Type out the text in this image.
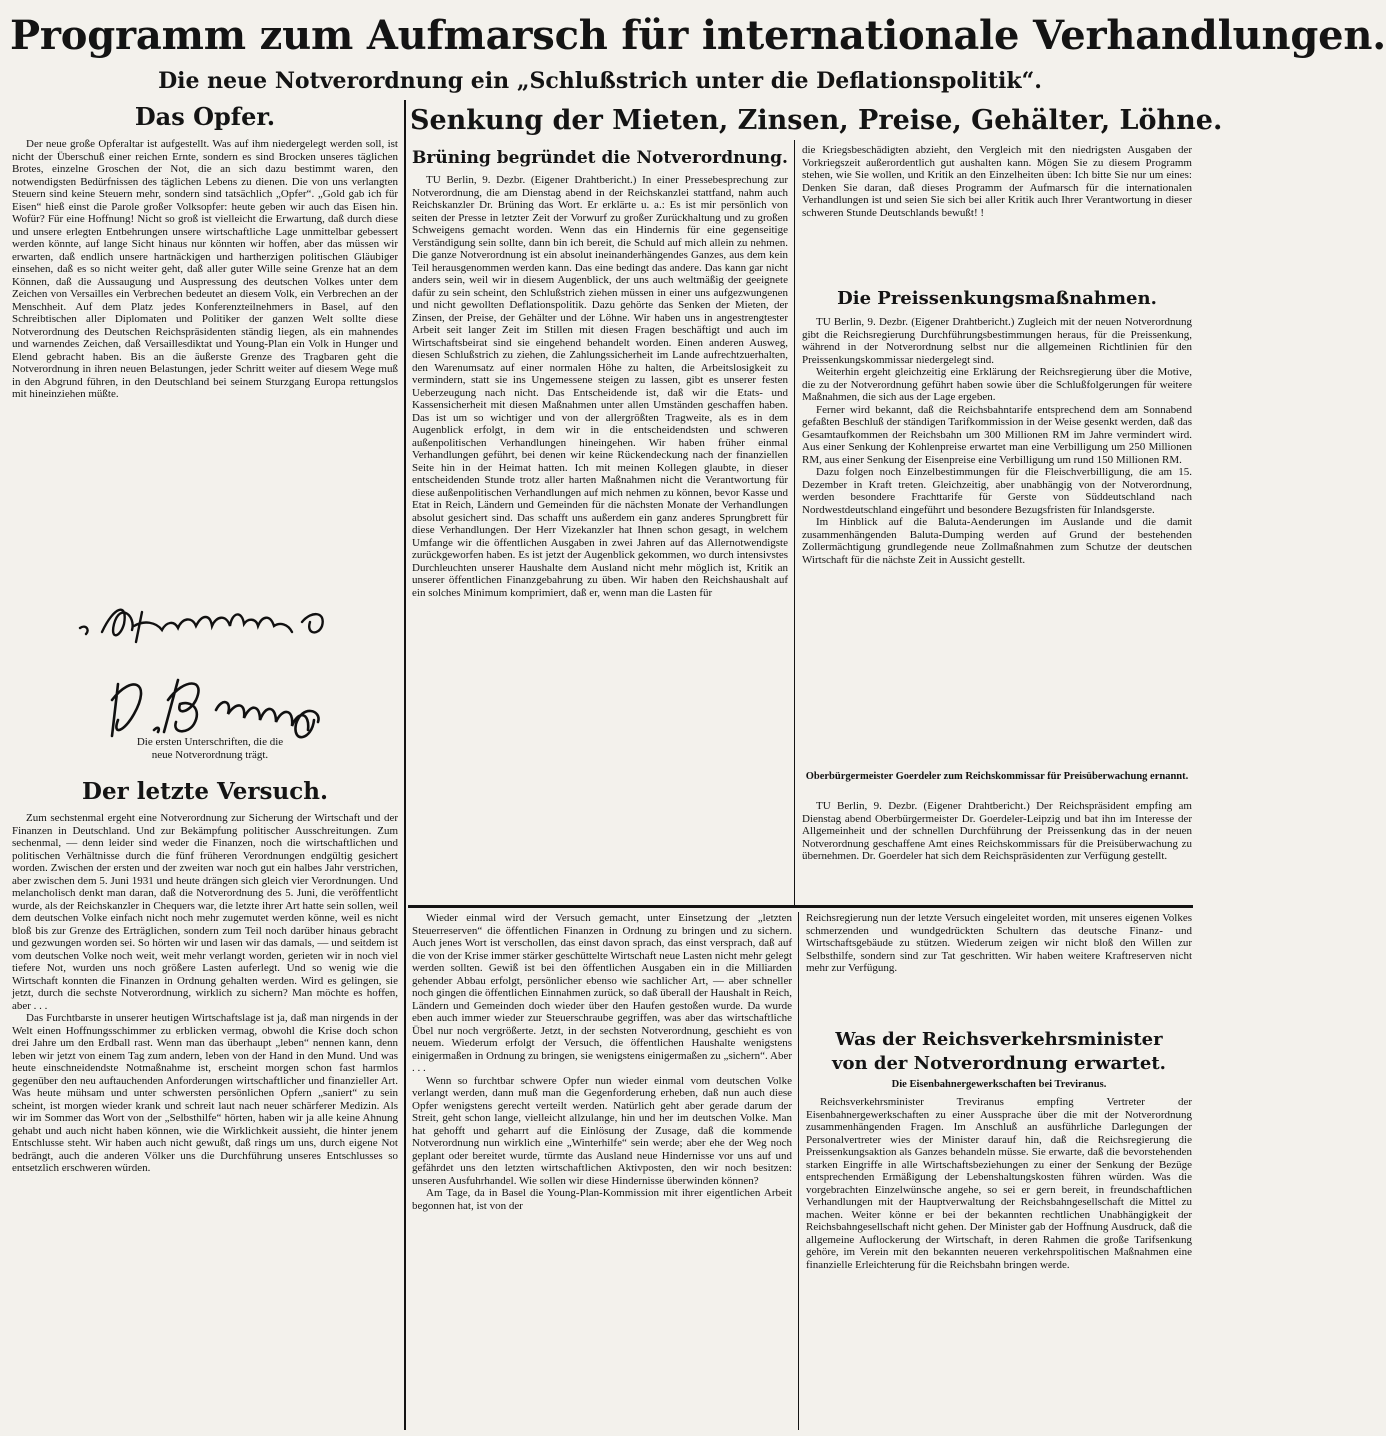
Programm zum Aufmarsch für internationale Verhandlungen.
Die neue Notverordnung ein „Schlußstrich unter die Deflationspolitik“.
Das Opfer.

Der neue große Opferaltar ist aufgestellt. Was auf ihm niedergelegt werden soll, ist nicht der Überschuß einer reichen Ernte, sondern es sind Brocken unseres täglichen Brotes, einzelne Groschen der Not, die an sich dazu bestimmt waren, den notwendigsten Bedürfnissen des täglichen Lebens zu dienen. Die von uns verlangten Steuern sind keine Steuern mehr, sondern sind tatsächlich „Opfer“. „Gold gab ich für Eisen“ hieß einst die Parole großer Volksopfer: heute geben wir auch das Eisen hin. Wofür? Für eine Hoffnung! Nicht so groß ist vielleicht die Erwartung, daß durch diese und unsere erlegten Entbehrungen unsere wirtschaftliche Lage unmittelbar gebessert werden könnte, auf lange Sicht hinaus nur könnten wir hoffen, aber das müssen wir erwarten, daß endlich unsere hartnäckigen und hartherzigen politischen Gläubiger einsehen, daß es so nicht weiter geht, daß aller guter Wille seine Grenze hat an dem Können, daß die Aussaugung und Auspressung des deutschen Volkes unter dem Zeichen von Versailles ein Verbrechen bedeutet an diesem Volk, ein Verbrechen an der Menschheit. Auf dem Platz jedes Konferenzteilnehmers in Basel, auf den Schreibtischen aller Diplomaten und Politiker der ganzen Welt sollte diese Notverordnung des Deutschen Reichspräsidenten ständig liegen, als ein mahnendes und warnendes Zeichen, daß Versaillesdiktat und Young-Plan ein Volk in Hunger und Elend gebracht haben. Bis an die äußerste Grenze des Tragbaren geht die Notverordnung in ihren neuen Belastungen, jeder Schritt weiter auf diesem Wege muß in den Abgrund führen, in den Deutschland bei seinem Sturzgang Europa rettungslos mit hineinziehen müßte.

Die ersten Unterschriften, die die neue Notverordnung trägt.
Der letzte Versuch.

Zum sechstenmal ergeht eine Notverordnung zur Sicherung der Wirtschaft und der Finanzen in Deutschland. Und zur Bekämpfung politischer Ausschreitungen. Zum sechenmal, — denn leider sind weder die Finanzen, noch die wirtschaftlichen und politischen Verhältnisse durch die fünf früheren Verordnungen endgültig gesichert worden. Zwischen der ersten und der zweiten war noch gut ein halbes Jahr verstrichen, aber zwischen dem 5. Juni 1931 und heute drängen sich gleich vier Verordnungen. Und melancholisch denkt man daran, daß die Notverordnung des 5. Juni, die veröffentlicht wurde, als der Reichskanzler in Chequers war, die letzte ihrer Art hatte sein sollen, weil dem deutschen Volke einfach nicht noch mehr zugemutet werden könne, weil es nicht bloß bis zur Grenze des Erträglichen, sondern zum Teil noch darüber hinaus gebracht und gezwungen worden sei. So hörten wir und lasen wir das damals, — und seitdem ist vom deutschen Volke noch weit, weit mehr verlangt worden, gerieten wir in noch viel tiefere Not, wurden uns noch größere Lasten auferlegt. Und so wenig wie die Wirtschaft konnten die Finanzen in Ordnung gehalten werden. Wird es gelingen, sie jetzt, durch die sechste Notverordnung, wirklich zu sichern? Man möchte es hoffen, aber . . .

Das Furchtbarste in unserer heutigen Wirtschaftslage ist ja, daß man nirgends in der Welt einen Hoffnungsschimmer zu erblicken vermag, obwohl die Krise doch schon drei Jahre um den Erdball rast. Wenn man das überhaupt „leben“ nennen kann, denn leben wir jetzt von einem Tag zum andern, leben von der Hand in den Mund. Und was heute einschneidendste Notmaßnahme ist, erscheint morgen schon fast harmlos gegenüber den neu auftauchenden Anforderungen wirtschaftlicher und finanzieller Art. Was heute mühsam und unter schwersten persönlichen Opfern „saniert“ zu sein scheint, ist morgen wieder krank und schreit laut nach neuer schärferer Medizin. Als wir im Sommer das Wort von der „Selbsthilfe“ hörten, haben wir ja alle keine Ahnung gehabt und auch nicht haben können, wie die Wirklichkeit aussieht, die hinter jenem Entschlusse steht. Wir haben auch nicht gewußt, daß rings um uns, durch eigene Not bedrängt, auch die anderen Völker uns die Durchführung unseres Entschlusses so entsetzlich erschweren würden.

Senkung der Mieten, Zinsen, Preise, Gehälter, Löhne.
Brüning begründet die Notverordnung.

TU Berlin, 9. Dezbr. (Eigener Drahtbericht.) In einer Pressebesprechung zur Notverordnung, die am Dienstag abend in der Reichskanzlei stattfand, nahm auch Reichskanzler Dr. Brüning das Wort. Er erklärte u. a.: Es ist mir persönlich von seiten der Presse in letzter Zeit der Vorwurf zu großer Zurückhaltung und zu großen Schweigens gemacht worden. Wenn das ein Hindernis für eine gegenseitige Verständigung sein sollte, dann bin ich bereit, die Schuld auf mich allein zu nehmen. Die ganze Notverordnung ist ein absolut ineinanderhängendes Ganzes, aus dem kein Teil herausgenommen werden kann. Das eine bedingt das andere. Das kann gar nicht anders sein, weil wir in diesem Augenblick, der uns auch weltmäßig der geeignete dafür zu sein scheint, den Schlußstrich ziehen müssen in einer uns aufgezwungenen und nicht gewollten Deflationspolitik. Dazu gehörte das Senken der Mieten, der Zinsen, der Preise, der Gehälter und der Löhne. Wir haben uns in angestrengtester Arbeit seit langer Zeit im Stillen mit diesen Fragen beschäftigt und auch im Wirtschaftsbeirat sind sie eingehend behandelt worden. Einen anderen Ausweg, diesen Schlußstrich zu ziehen, die Zahlungssicherheit im Lande aufrechtzuerhalten, den Warenumsatz auf einer normalen Höhe zu halten, die Arbeitslosigkeit zu vermindern, statt sie ins Ungemessene steigen zu lassen, gibt es unserer festen Ueberzeugung nach nicht. Das Entscheidende ist, daß wir die Etats- und Kassensicherheit mit diesen Maßnahmen unter allen Umständen geschaffen haben. Das ist um so wichtiger und von der allergrößten Tragweite, als es in dem Augenblick erfolgt, in dem wir in die entscheidendsten und schweren außenpolitischen Verhandlungen hineingehen. Wir haben früher einmal Verhandlungen geführt, bei denen wir keine Rückendeckung nach der finanziellen Seite hin in der Heimat hatten. Ich mit meinen Kollegen glaubte, in dieser entscheidenden Stunde trotz aller harten Maßnahmen nicht die Verantwortung für diese außenpolitischen Verhandlungen auf mich nehmen zu können, bevor Kasse und Etat in Reich, Ländern und Gemeinden für die nächsten Monate der Verhandlungen absolut gesichert sind. Das schafft uns außerdem ein ganz anderes Sprungbrett für diese Verhandlungen. Der Herr Vizekanzler hat Ihnen schon gesagt, in welchem Umfange wir die öffentlichen Ausgaben in zwei Jahren auf das Allernotwendigste zurückgeworfen haben. Es ist jetzt der Augenblick gekommen, wo durch intensivstes Durchleuchten unserer Haushalte dem Ausland nicht mehr möglich ist, Kritik an unserer öffentlichen Finanzgebahrung zu üben. Wir haben den Reichshaushalt auf ein solches Minimum komprimiert, daß er, wenn man die Lasten für

die Kriegsbeschädigten abzieht, den Vergleich mit den niedrigsten Ausgaben der Vorkriegszeit außerordentlich gut aushalten kann. Mögen Sie zu diesem Programm stehen, wie Sie wollen, und Kritik an den Einzelheiten üben: Ich bitte Sie nur um eines: Denken Sie daran, daß dieses Programm der Aufmarsch für die internationalen Verhandlungen ist und seien Sie sich bei aller Kritik auch Ihrer Verantwortung in dieser schweren Stunde Deutschlands bewußt! !

Die Preissenkungsmaßnahmen.

TU Berlin, 9. Dezbr. (Eigener Drahtbericht.) Zugleich mit der neuen Notverordnung gibt die Reichsregierung Durchführungsbestimmungen heraus, für die Preissenkung, während in der Notverordnung selbst nur die allgemeinen Richtlinien für den Preissenkungskommissar niedergelegt sind.

Weiterhin ergeht gleichzeitig eine Erklärung der Reichsregierung über die Motive, die zu der Notverordnung geführt haben sowie über die Schlußfolgerungen für weitere Maßnahmen, die sich aus der Lage ergeben.

Ferner wird bekannt, daß die Reichsbahntarife entsprechend dem am Sonnabend gefaßten Beschluß der ständigen Tarifkommission in der Weise gesenkt werden, daß das Gesamtaufkommen der Reichsbahn um 300 Millionen RM im Jahre vermindert wird. Aus einer Senkung der Kohlenpreise erwartet man eine Verbilligung um 250 Millionen RM, aus einer Senkung der Eisenpreise eine Verbilligung um rund 150 Millionen RM.

Dazu folgen noch Einzelbestimmungen für die Fleischverbilligung, die am 15. Dezember in Kraft treten. Gleichzeitig, aber unabhängig von der Notverordnung, werden besondere Frachttarife für Gerste von Süddeutschland nach Nordwestdeutschland eingeführt und besondere Bezugsfristen für Inlandsgerste.

Im Hinblick auf die Baluta-Aenderungen im Auslande und die damit zusammenhängenden Baluta-Dumping werden auf Grund der bestehenden Zollermächtigung grundlegende neue Zollmaßnahmen zum Schutze der deutschen Wirtschaft für die nächste Zeit in Aussicht gestellt.

Oberbürgermeister Goerdeler zum Reichskommissar für Preisüberwachung ernannt.

TU Berlin, 9. Dezbr. (Eigener Drahtbericht.) Der Reichspräsident empfing am Dienstag abend Oberbürgermeister Dr. Goerdeler-Leipzig und bat ihn im Interesse der Allgemeinheit und der schnellen Durchführung der Preissenkung das in der neuen Notverordnung geschaffene Amt eines Reichskommissars für die Preisüberwachung zu übernehmen. Dr. Goerdeler hat sich dem Reichspräsidenten zur Verfügung gestellt.

Wieder einmal wird der Versuch gemacht, unter Einsetzung der „letzten Steuerreserven“ die öffentlichen Finanzen in Ordnung zu bringen und zu sichern. Auch jenes Wort ist verschollen, das einst davon sprach, das einst versprach, daß auf die von der Krise immer stärker geschüttelte Wirtschaft neue Lasten nicht mehr gelegt werden sollten. Gewiß ist bei den öffentlichen Ausgaben ein in die Milliarden gehender Abbau erfolgt, persönlicher ebenso wie sachlicher Art, — aber schneller noch gingen die öffentlichen Einnahmen zurück, so daß überall der Haushalt in Reich, Ländern und Gemeinden doch wieder über den Haufen gestoßen wurde. Da wurde eben auch immer wieder zur Steuerschraube gegriffen, was aber das wirtschaftliche Übel nur noch vergrößerte. Jetzt, in der sechsten Notverordnung, geschieht es von neuem. Wiederum erfolgt der Versuch, die öffentlichen Haushalte wenigstens einigermaßen in Ordnung zu bringen, sie wenigstens einigermaßen zu „sichern“. Aber . . .

Wenn so furchtbar schwere Opfer nun wieder einmal vom deutschen Volke verlangt werden, dann muß man die Gegenforderung erheben, daß nun auch diese Opfer wenigstens gerecht verteilt werden. Natürlich geht aber gerade darum der Streit, geht schon lange, vielleicht allzulange, hin und her im deutschen Volke. Man hat gehofft und geharrt auf die Einlösung der Zusage, daß die kommende Notverordnung nun wirklich eine „Winterhilfe“ sein werde; aber ehe der Weg noch geplant oder bereitet wurde, türmte das Ausland neue Hindernisse vor uns auf und gefährdet uns den letzten wirtschaftlichen Aktivposten, den wir noch besitzen: unseren Ausfuhrhandel. Wie sollen wir diese Hindernisse überwinden können?

Am Tage, da in Basel die Young-Plan-Kommission mit ihrer eigentlichen Arbeit begonnen hat, ist von der

Reichsregierung nun der letzte Versuch eingeleitet worden, mit unseres eigenen Volkes schmerzenden und wundgedrückten Schultern das deutsche Finanz- und Wirtschaftsgebäude zu stützen. Wiederum zeigen wir nicht bloß den Willen zur Selbsthilfe, sondern sind zur Tat geschritten. Wir haben weitere Kraftreserven nicht mehr zur Verfügung.

Was der Reichsverkehrsminister
von der Notverordnung erwartet.
Die Eisenbahnergewerkschaften bei Treviranus.

Reichsverkehrsminister Treviranus empfing Vertreter der Eisenbahnergewerkschaften zu einer Aussprache über die mit der Notverordnung zusammenhängenden Fragen. Im Anschluß an ausführliche Darlegungen der Personalvertreter wies der Minister darauf hin, daß die Reichsregierung die Preissenkungsaktion als Ganzes behandeln müsse. Sie erwarte, daß die bevorstehenden starken Eingriffe in alle Wirtschaftsbeziehungen zu einer der Senkung der Bezüge entsprechenden Ermäßigung der Lebenshaltungskosten führen würden. Was die vorgebrachten Einzelwünsche angehe, so sei er gern bereit, in freundschaftlichen Verhandlungen mit der Hauptverwaltung der Reichsbahngesellschaft die Mittel zu machen. Weiter könne er bei der bekannten rechtlichen Unabhängigkeit der Reichsbahngesellschaft nicht gehen. Der Minister gab der Hoffnung Ausdruck, daß die allgemeine Auflockerung der Wirtschaft, in deren Rahmen die große Tarifsenkung gehöre, im Verein mit den bekannten neueren verkehrspolitischen Maßnahmen eine finanzielle Erleichterung für die Reichsbahn bringen werde.
